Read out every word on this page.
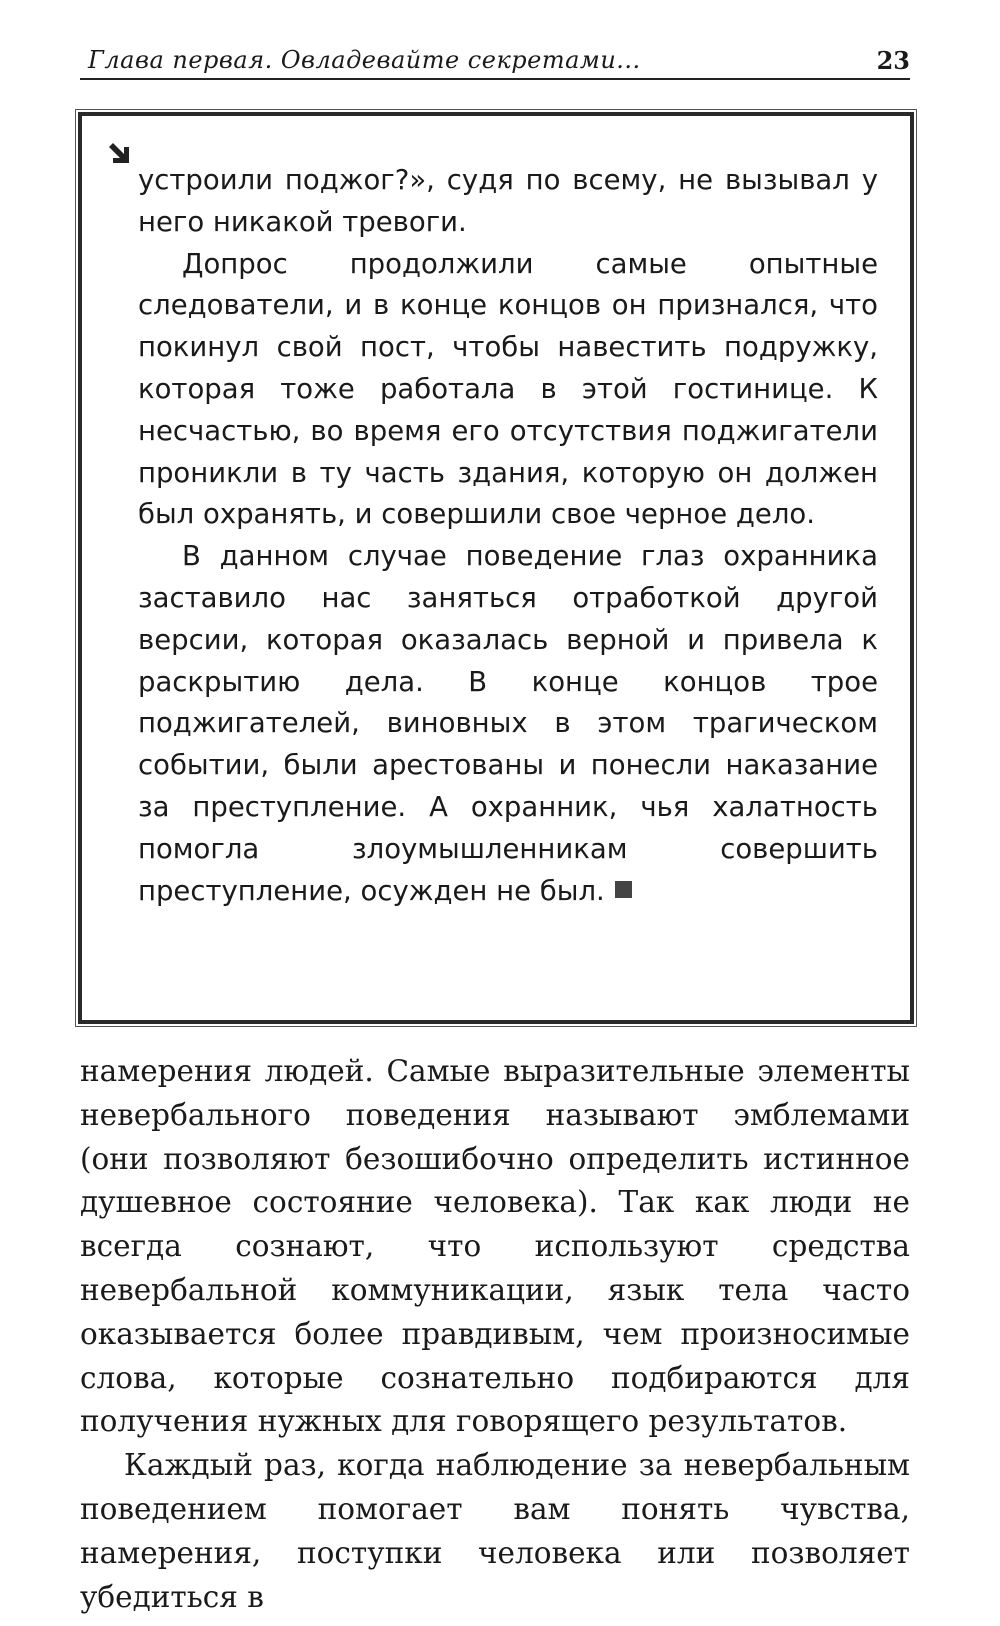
Глава первая. Овладевайте секретами...	23

устроили поджог?», судя по всему, не вызывал у него никакой тревоги.

Допрос продолжили самые опытные следователи, и в конце концов он признался, что покинул свой пост, чтобы навестить подружку, которая тоже работала в этой гостинице. К несчастью, во время его отсутствия поджигатели проникли в ту часть здания, которую он должен был охранять, и совершили свое черное дело.

В данном случае поведение глаз охранника заставило нас заняться отработкой другой версии, которая оказалась верной и привела к раскрытию дела. В конце концов трое поджигателей, виновных в этом трагическом событии, были арестованы и понесли наказание за преступление. А охранник, чья халатность помогла злоумышленникам совершить преступление, осужден не был.

намерения людей. Самые выразительные элементы невербального поведения называют эмблемами (они позволяют безошибочно определить истинное душевное состояние человека). Так как люди не всегда сознают, что используют средства невербальной коммуникации, язык тела часто оказывается более правдивым, чем произносимые слова, которые сознательно подбираются для получения нужных для говорящего результатов.

Каждый раз, когда наблюдение за невербальным поведением помогает вам понять чувства, намерения, поступки человека или позволяет убедиться в
